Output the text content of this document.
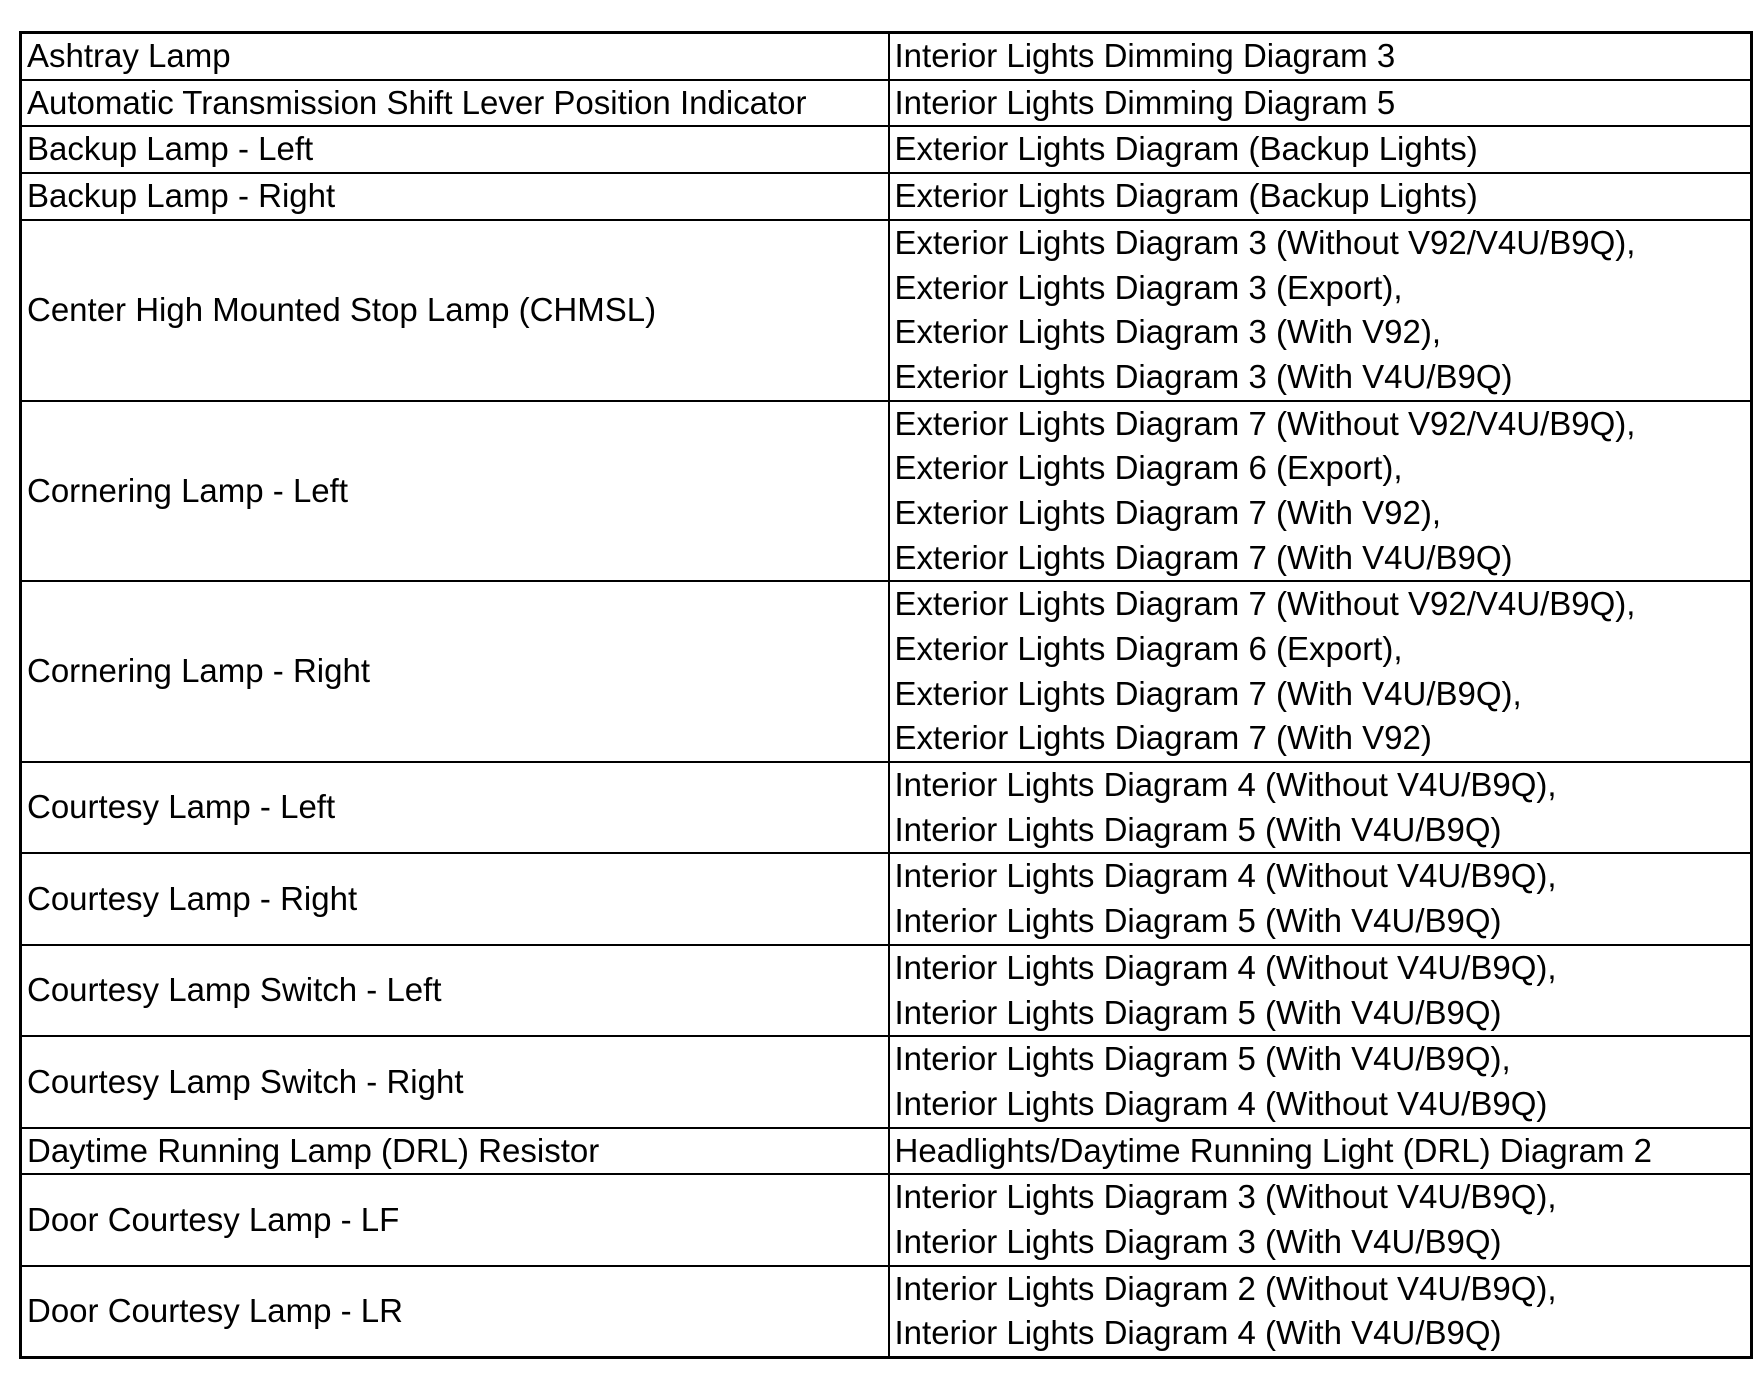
Ashtray Lamp	Interior Lights Dimming Diagram 3

Automatic Transmission Shift Lever Position Indicator	Interior Lights Dimming Diagram 5

Backup Lamp - Left	Exterior Lights Diagram (Backup Lights)

Backup Lamp - Right	Exterior Lights Diagram (Backup Lights)

Center High Mounted Stop Lamp (CHMSL)	Exterior Lights Diagram 3 (Without V92/V4U/B9Q),
Exterior Lights Diagram 3 (Export),
Exterior Lights Diagram 3 (With V92),
Exterior Lights Diagram 3 (With V4U/B9Q)

Cornering Lamp - Left	Exterior Lights Diagram 7 (Without V92/V4U/B9Q),
Exterior Lights Diagram 6 (Export),
Exterior Lights Diagram 7 (With V92),
Exterior Lights Diagram 7 (With V4U/B9Q)

Cornering Lamp - Right	Exterior Lights Diagram 7 (Without V92/V4U/B9Q),
Exterior Lights Diagram 6 (Export),
Exterior Lights Diagram 7 (With V4U/B9Q),
Exterior Lights Diagram 7 (With V92)

Courtesy Lamp - Left	Interior Lights Diagram 4 (Without V4U/B9Q),
Interior Lights Diagram 5 (With V4U/B9Q)

Courtesy Lamp - Right	Interior Lights Diagram 4 (Without V4U/B9Q),
Interior Lights Diagram 5 (With V4U/B9Q)

Courtesy Lamp Switch - Left	Interior Lights Diagram 4 (Without V4U/B9Q),
Interior Lights Diagram 5 (With V4U/B9Q)

Courtesy Lamp Switch - Right	Interior Lights Diagram 5 (With V4U/B9Q),
Interior Lights Diagram 4 (Without V4U/B9Q)

Daytime Running Lamp (DRL) Resistor	Headlights/Daytime Running Light (DRL) Diagram 2

Door Courtesy Lamp - LF	Interior Lights Diagram 3 (Without V4U/B9Q),
Interior Lights Diagram 3 (With V4U/B9Q)

Door Courtesy Lamp - LR	Interior Lights Diagram 2 (Without V4U/B9Q),
Interior Lights Diagram 4 (With V4U/B9Q)
